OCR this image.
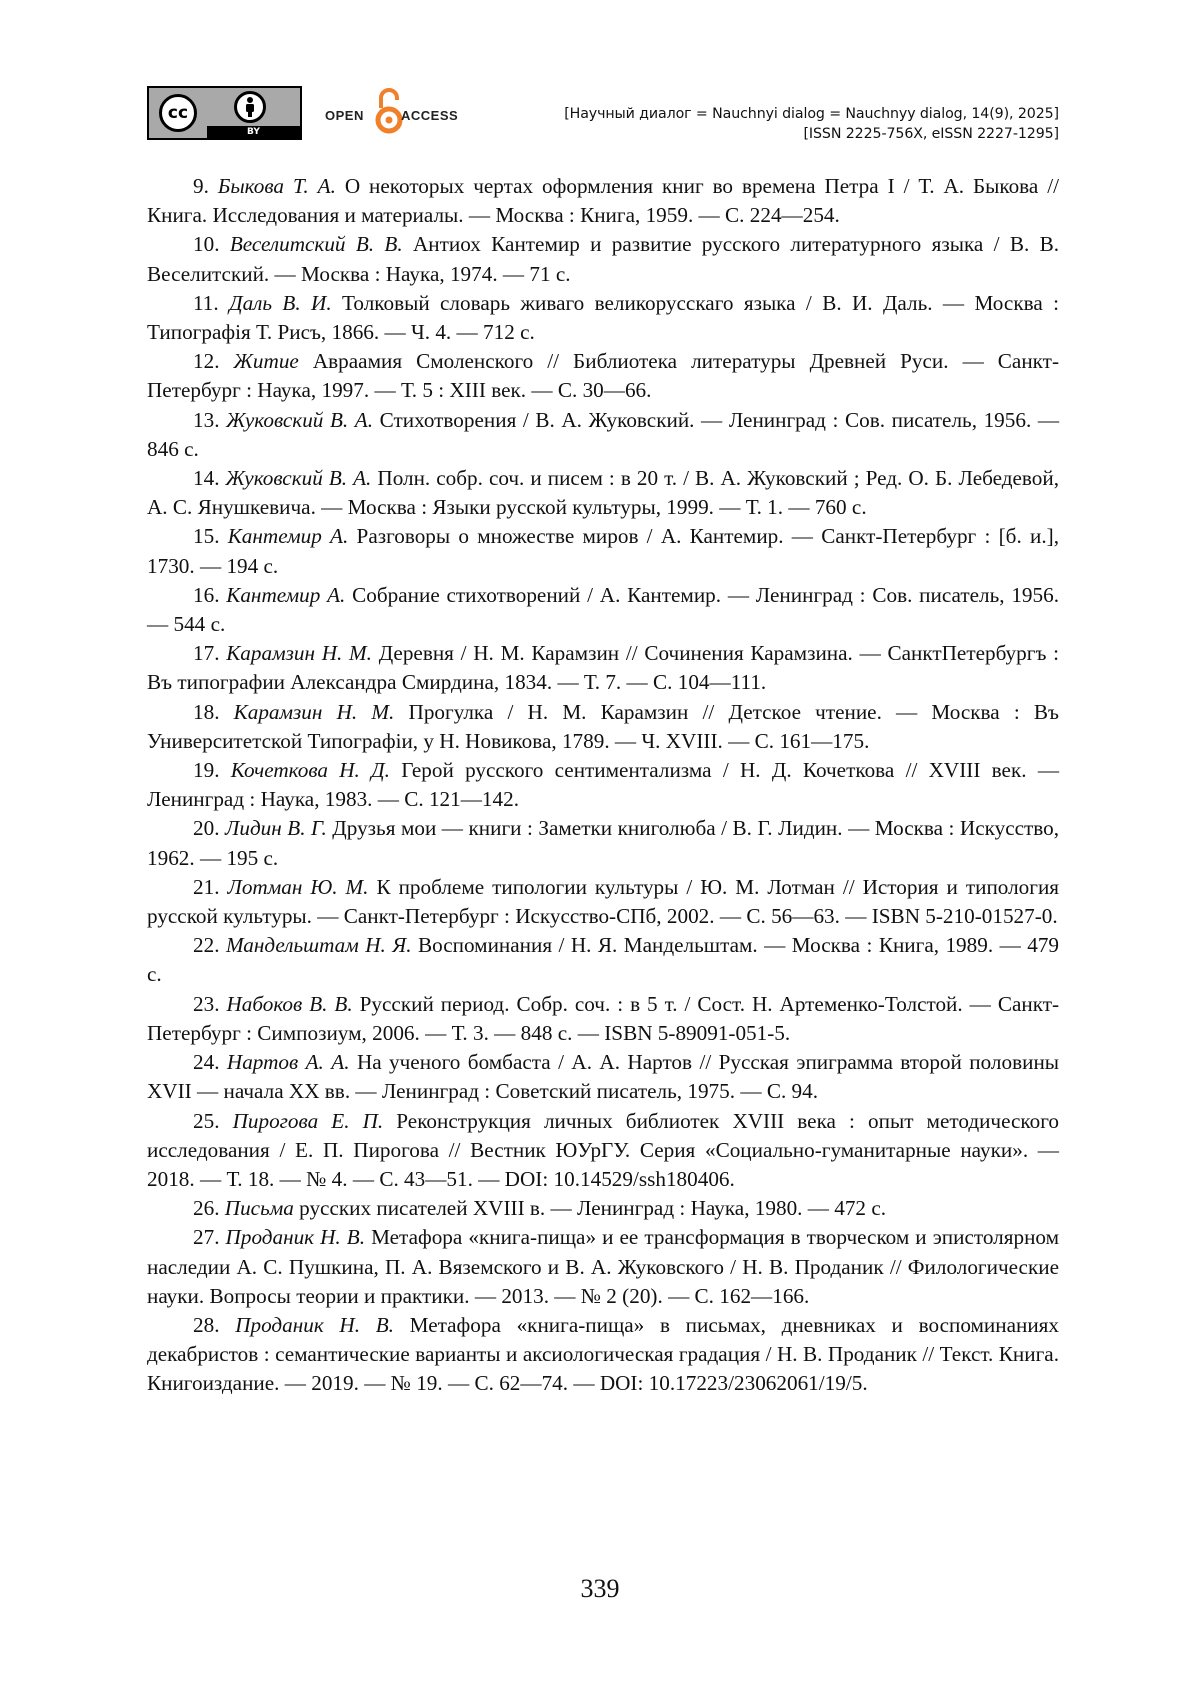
cc
BY
OPEN	ACCESS	[Научный диалог = Nauchnyi dialog = Nauchnyy dialog, 14(9), 2025]
[ISSN 2225-756X, eISSN 2227-1295]

9. Быкова Т. А. О некоторых чертах оформления книг во времена Петра I / Т. А. Быкова // Книга. Исследования и материалы. — Москва : Книга, 1959. — С. 224—254.

10. Веселитский В. В. Антиох Кантемир и развитие русского литературного языка / В. В. Веселитский. — Москва : Наука, 1974. — 71 с.

11. Даль В. И. Толковый словарь живаго великорусскаго языка / В. И. Даль. — Москва : Типографія Т. Рисъ, 1866. — Ч. 4. — 712 с.

12. Житие Авраамия Смоленского // Библиотека литературы Древней Руси. — Санкт-Петербург : Наука, 1997. — Т. 5 : XIII век. — С. 30—66.

13. Жуковский В. А. Стихотворения / В. А. Жуковский. — Ленинград : Сов. писатель, 1956. — 846 с.

14. Жуковский В. А. Полн. собр. соч. и писем : в 20 т. / В. А. Жуковский ; Ред. О. Б. Лебедевой, А. С. Янушкевича. — Москва : Языки русской культуры, 1999. — Т. 1. — 760 с.

15. Кантемир А. Разговоры о множестве миров / А. Кантемир. — Санкт-Петербург : [б. и.], 1730. — 194 с.

16. Кантемир А. Собрание стихотворений / А. Кантемир. — Ленинград : Сов. писатель, 1956. — 544 с.

17. Карамзин Н. М. Деревня / Н. М. Карамзин // Сочинения Карамзина. — СанктПетербургъ : Въ типографии Александра Смирдина, 1834. — Т. 7. — С. 104—111.

18. Карамзин Н. М. Прогулка / Н. М. Карамзин // Детское чтение. — Москва : Въ Университетской Типографіи, у Н. Новикова, 1789. — Ч. XVIII. — С. 161—175.

19. Кочеткова Н. Д. Герой русского сентиментализма / Н. Д. Кочеткова // XVIII век. — Ленинград : Наука, 1983. — С. 121—142.

20. Лидин В. Г. Друзья мои — книги : Заметки книголюба / В. Г. Лидин. — Москва : Искусство, 1962. — 195 с.

21. Лотман Ю. М. К проблеме типологии культуры / Ю. М. Лотман // История и типология русской культуры. — Санкт-Петербург : Искусство-СПб, 2002. — С. 56—63. — ISBN 5-210-01527-0.

22. Мандельштам Н. Я. Воспоминания / Н. Я. Мандельштам. — Москва : Книга, 1989. — 479 с.

23. Набоков В. В. Русский период. Собр. соч. : в 5 т. / Сост. Н. Артеменко-Толстой. — Санкт-Петербург : Симпозиум, 2006. — Т. 3. — 848 с. — ISBN 5-89091-051-5.

24. Нартов А. А. На ученого бомбаста / А. А. Нартов // Русская эпиграмма второй половины XVII — начала XX вв. — Ленинград : Советский писатель, 1975. — С. 94.

25. Пирогова Е. П. Реконструкция личных библиотек XVIII века : опыт методического исследования / Е. П. Пирогова // Вестник ЮУрГУ. Серия «Социально-гуманитарные науки». — 2018. — Т. 18. — № 4. — С. 43—51. — DOI: 10.14529/ssh180406.

26. Письма русских писателей XVIII в. — Ленинград : Наука, 1980. — 472 с.

27. Проданик Н. В. Метафора «книга-пища» и ее трансформация в творческом и эпистолярном наследии А. С. Пушкина, П. А. Вяземского и В. А. Жуковского / Н. В. Проданик // Филологические науки. Вопросы теории и практики. — 2013. — № 2 (20). — С. 162—166.

28. Проданик Н. В. Метафора «книга-пища» в письмах, дневниках и воспоминаниях декабристов : семантические варианты и аксиологическая градация / Н. В. Проданик // Текст. Книга. Книгоиздание. — 2019. — № 19. — С. 62—74. — DOI: 10.17223/23062061/19/5.

339
